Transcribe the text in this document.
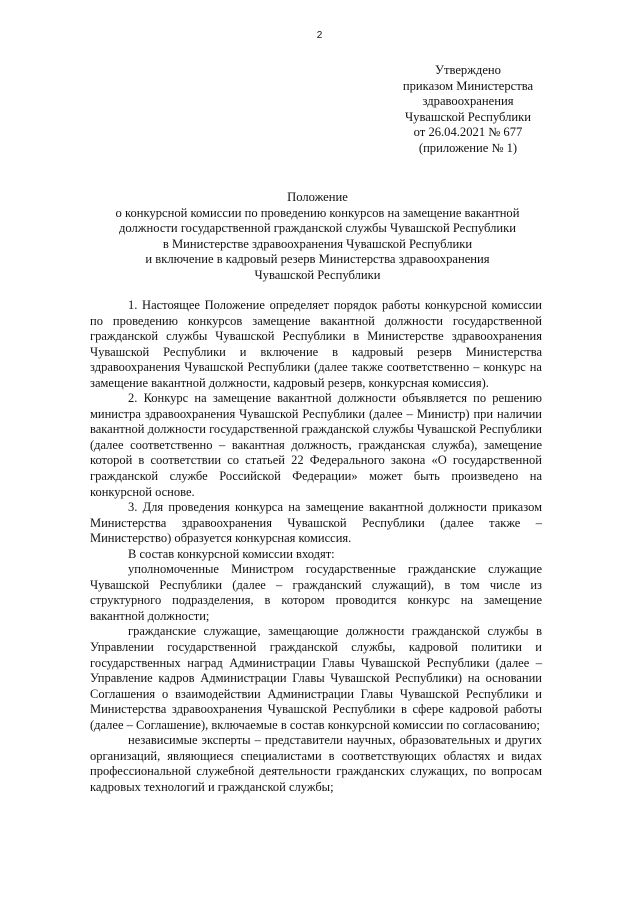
2
Утверждено
приказом Министерства
здравоохранения
Чувашской Республики
от 26.04.2021 № 677
(приложение № 1)
Положение
о конкурсной комиссии по проведению конкурсов на замещение вакантной
должности государственной гражданской службы Чувашской Республики
в Министерстве здравоохранения Чувашской Республики
и включение в кадровый резерв Министерства здравоохранения
Чувашской Республики

1. Настоящее Положение определяет порядок работы конкурсной комиссии по проведению конкурсов замещение вакантной должности государственной гражданской службы Чувашской Республики в Министерстве здравоохранения Чувашской Республики и включение в кадровый резерв Министерства здравоохранения Чувашской Республики (далее также соответственно – конкурс на замещение вакантной должности, кадровый резерв, конкурсная комиссия).

2. Конкурс на замещение вакантной должности объявляется по решению министра здравоохранения Чувашской Республики (далее – Министр) при наличии вакантной должности государственной гражданской службы Чувашской Республики (далее соответственно – вакантная должность, гражданская служба), замещение которой в соответствии со статьей 22 Федерального закона «О государственной гражданской службе Российской Федерации» может быть произведено на конкурсной основе.

3. Для проведения конкурса на замещение вакантной должности приказом Министерства здравоохранения Чувашской Республики (далее также – Министерство) образуется конкурсная комиссия.

В состав конкурсной комиссии входят:

уполномоченные Министром государственные гражданские служащие Чувашской Республики (далее – гражданский служащий), в том числе из структурного подразделения, в котором проводится конкурс на замещение вакантной должности;

гражданские служащие, замещающие должности гражданской службы в Управлении государственной гражданской службы, кадровой политики и государственных наград Администрации Главы Чувашской Республики (далее – Управление кадров Администрации Главы Чувашской Республики) на основании Соглашения о взаимодействии Администрации Главы Чувашской Республики и Министерства здравоохранения Чувашской Республики в сфере кадровой работы (далее – Соглашение), включаемые в состав конкурсной комиссии по согласованию;

независимые эксперты – представители научных, образовательных и других организаций, являющиеся специалистами в соответствующих областях и видах профессиональной служебной деятельности гражданских служащих, по вопросам кадровых технологий и гражданской службы;
